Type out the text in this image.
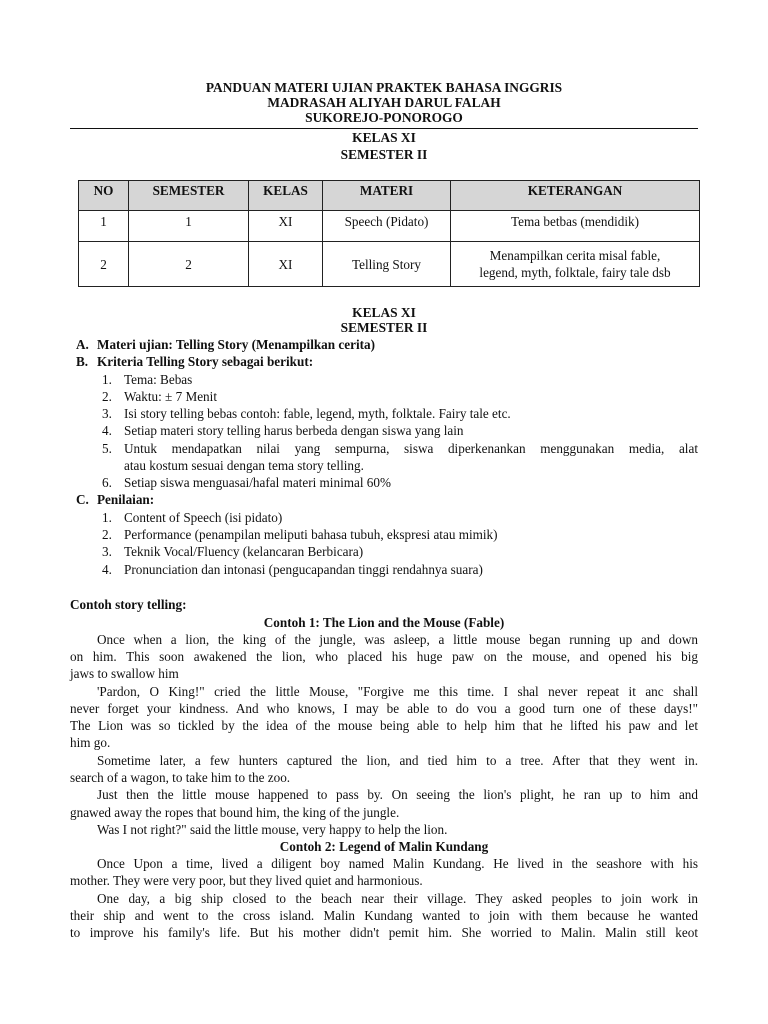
PANDUAN MATERI UJIAN PRAKTEK BAHASA INGGRIS
MADRASAH ALIYAH DARUL FALAH
SUKOREJO-PONOROGO
KELAS XI
SEMESTER II
NO	SEMESTER	KELAS	MATERI	KETERANGAN
1	1	XI	Speech (Pidato)	Tema betbas (mendidik)
2	2	XI	Telling Story	Menampilkan cerita misal fable,
legend, myth, folktale, fairy tale dsb
KELAS XI
SEMESTER II
A. Materi ujian: Telling Story (Menampilkan cerita)
B. Kriteria Telling Story sebagai berikut:
1. Tema: Bebas
2. Waktu: ± 7 Menit
3. Isi story telling bebas contoh: fable, legend, myth, folktale. Fairy tale etc.
4. Setiap materi story telling harus berbeda dengan siswa yang lain
5. Untuk mendapatkan nilai yang sempurna, siswa diperkenankan menggunakan media, alat
atau kostum sesuai dengan tema story telling.
6. Setiap siswa menguasai/hafal materi minimal 60%
C. Penilaian:
1. Content of Speech (isi pidato)
2. Performance (penampilan meliputi bahasa tubuh, ekspresi atau mimik)
3. Teknik Vocal/Fluency (kelancaran Berbicara)
4. Pronunciation dan intonasi (pengucapandan tinggi rendahnya suara)
Contoh story telling:
Contoh 1: The Lion and the Mouse (Fable)
Once when a lion, the king of the jungle, was asleep, a little mouse began running up and down
on him. This soon awakened the lion, who placed his huge paw on the mouse, and opened his big
jaws to swallow him
'Pardon, O King!" cried the little Mouse, "Forgive me this time. I shal never repeat it anc shall
never forget your kindness. And who knows, I may be able to do vou a good turn one of these days!"
The Lion was so tickled by the idea of the mouse being able to help him that he lifted his paw and let
him go.
Sometime later, a few hunters captured the lion, and tied him to a tree. After that they went in.
search of a wagon, to take him to the zoo.
Just then the little mouse happened to pass by. On seeing the lion's plight, he ran up to him and
gnawed away the ropes that bound him, the king of the jungle.
Was I not right?" said the little mouse, very happy to help the lion.
Contoh 2: Legend of Malin Kundang
Once Upon a time, lived a diligent boy named Malin Kundang. He lived in the seashore with his
mother. They were very poor, but they lived quiet and harmonious.
One day, a big ship closed to the beach near their village. They asked peoples to join work in
their ship and went to the cross island. Malin Kundang wanted to join with them because he wanted
to improve his family's life. But his mother didn't pemit him. She worried to Malin. Malin still keot
